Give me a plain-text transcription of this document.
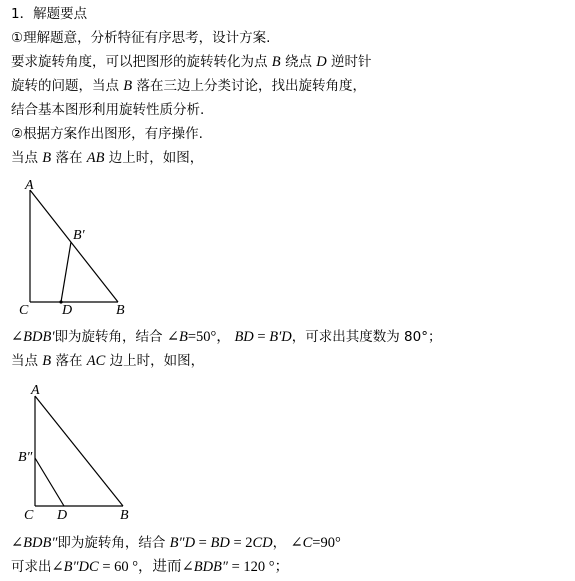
1．解题要点
①理解题意，分析特征有序思考，设计方案.
要求旋转角度，可以把图形的旋转转化为点 B 绕点 D 逆时针
旋转的问题，当点 B 落在三边上分类讨论，找出旋转角度，
结合基本图形利用旋转性质分析.
②根据方案作出图形，有序操作.
当点 B 落在 AB 边上时，如图，
A
B′
C D	B
∠BDB′即为旋转角，结合 ∠B=50°， BD = B′D，可求出其度数为 80°；
当点 B 落在 AC 边上时，如图，
A
B″
C D	B
∠BDB″即为旋转角，结合 B″D = BD = 2CD， ∠C=90°
可求出∠B″DC = 60 °，进而∠BDB″ = 120 °；
